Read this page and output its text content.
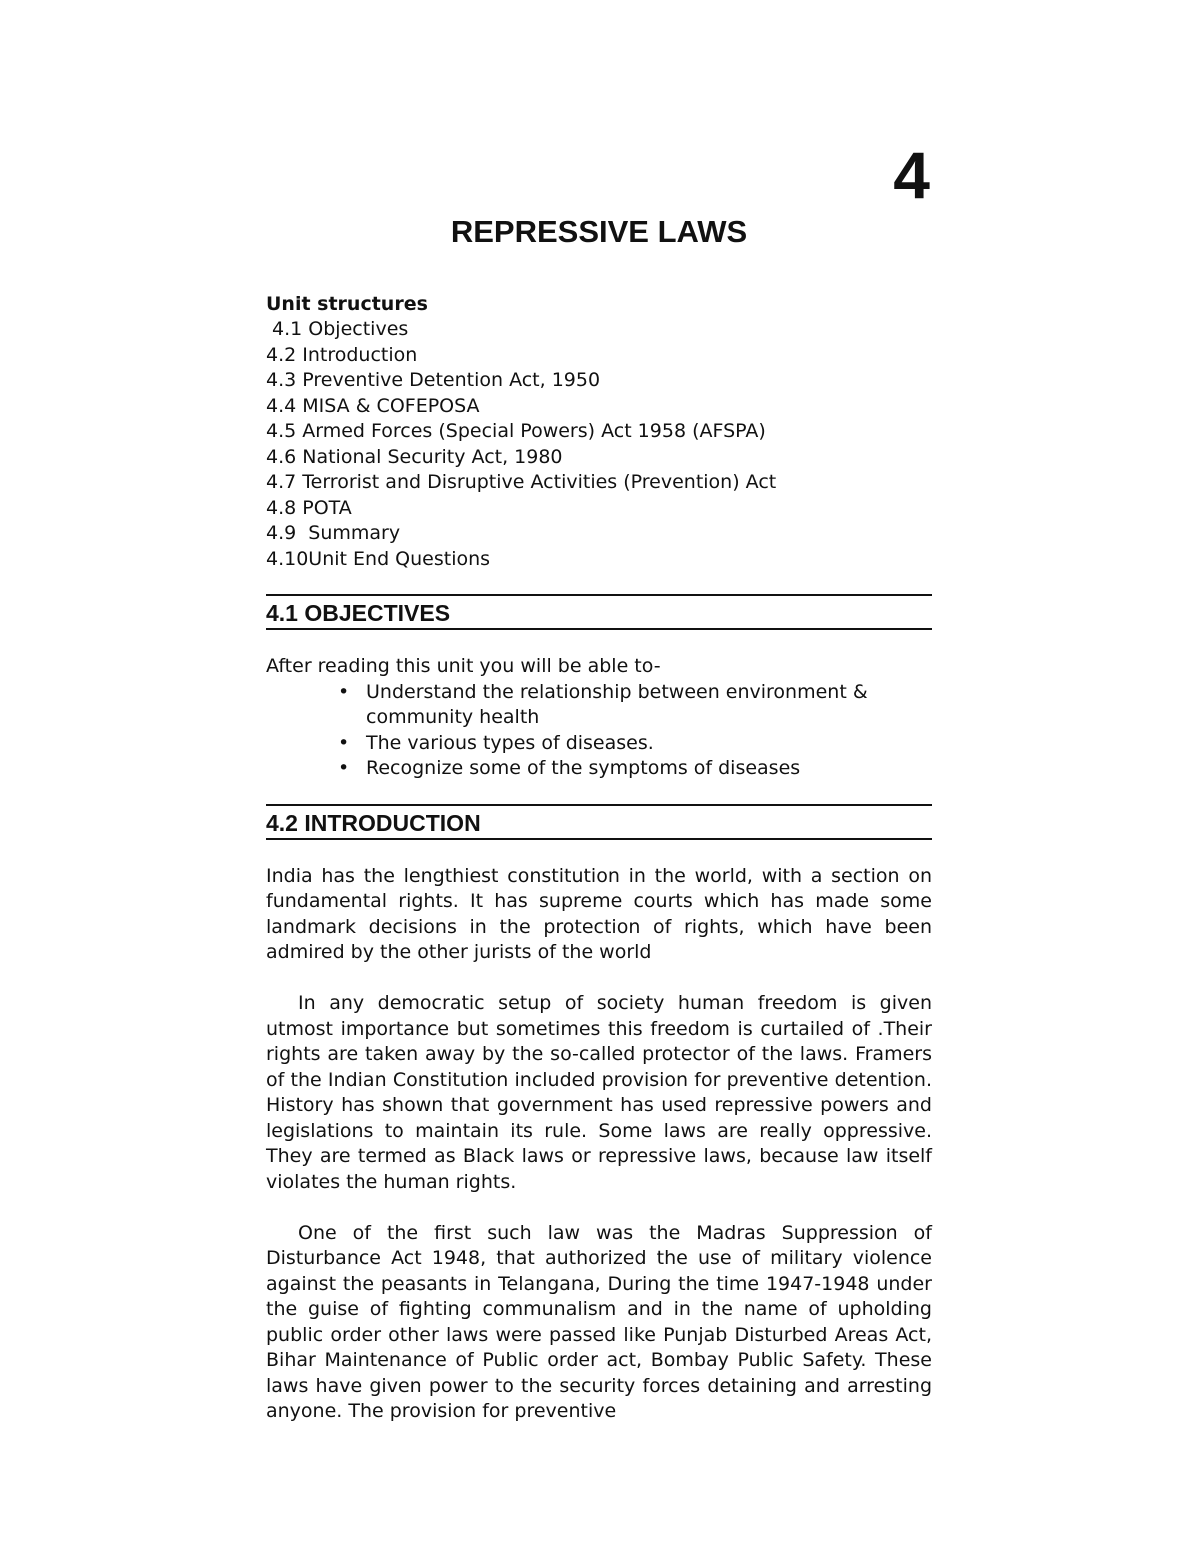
4
REPRESSIVE LAWS
Unit structures
4.1 Objectives
4.2 Introduction
4.3 Preventive Detention Act, 1950
4.4 MISA & COFEPOSA
4.5 Armed Forces (Special Powers) Act 1958 (AFSPA)
4.6 National Security Act, 1980
4.7 Terrorist and Disruptive Activities (Prevention) Act
4.8 POTA
4.9  Summary
4.10Unit End Questions
4.1 OBJECTIVES

After reading this unit you will be able to-

• Understand the relationship between environment & community health
• The various types of diseases.
• Recognize some of the symptoms of diseases
4.2 INTRODUCTION

India has the lengthiest constitution in the world, with a section on fundamental rights. It has supreme courts which has made some landmark decisions in the protection of rights, which have been admired by the other jurists of the world

In any democratic setup of society human freedom is given utmost importance but sometimes this freedom is curtailed of .Their rights are taken away by the so-called protector of the laws. Framers of the Indian Constitution included provision for preventive detention. History has shown that government has used repressive powers and legislations to maintain its rule. Some laws are really oppressive. They are termed as Black laws or repressive laws, because law itself violates the human rights.

One of the first such law was the Madras Suppression of Disturbance Act 1948, that authorized the use of military violence against the peasants in Telangana, During the time 1947-1948 under the guise of fighting communalism and in the name of upholding public order other laws were passed like Punjab Disturbed Areas Act, Bihar Maintenance of Public order act, Bombay Public Safety. These laws have given power to the security forces detaining and arresting anyone. The provision for preventive
